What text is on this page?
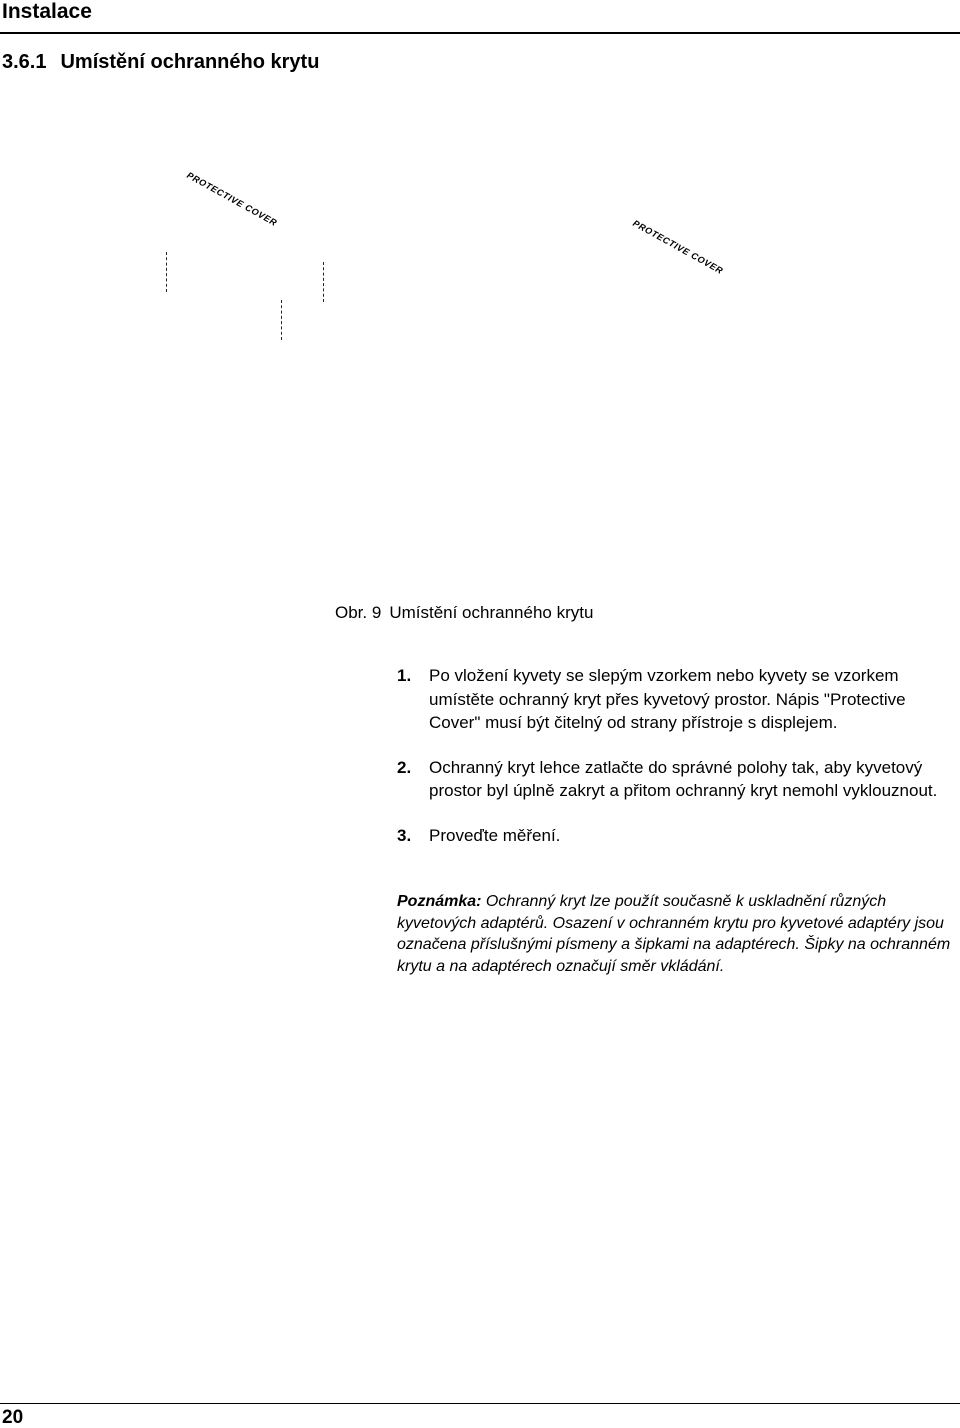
Instalace
3.6.1 Umístění ochranného krytu
PROTECTIVE COVER
PROTECTIVE COVER
Obr. 9 Umístění ochranného krytu
1.	Po vložení kyvety se slepým vzorkem nebo kyvety se vzorkem umístěte ochranný kryt přes kyvetový prostor. Nápis "Protective Cover" musí být čitelný od strany přístroje s displejem.
2.	Ochranný kryt lehce zatlačte do správné polohy tak, aby kyvetový prostor byl úplně zakryt a přitom ochranný kryt nemohl vyklouznout.
3.	Proveďte měření.
Poznámka: Ochranný kryt lze použít současně k uskladnění různých kyvetových adaptérů. Osazení v ochranném krytu pro kyvetové adaptéry jsou označena příslušnými písmeny a šipkami na adaptérech. Šipky na ochranném krytu a na adaptérech označují směr vkládání.
20
